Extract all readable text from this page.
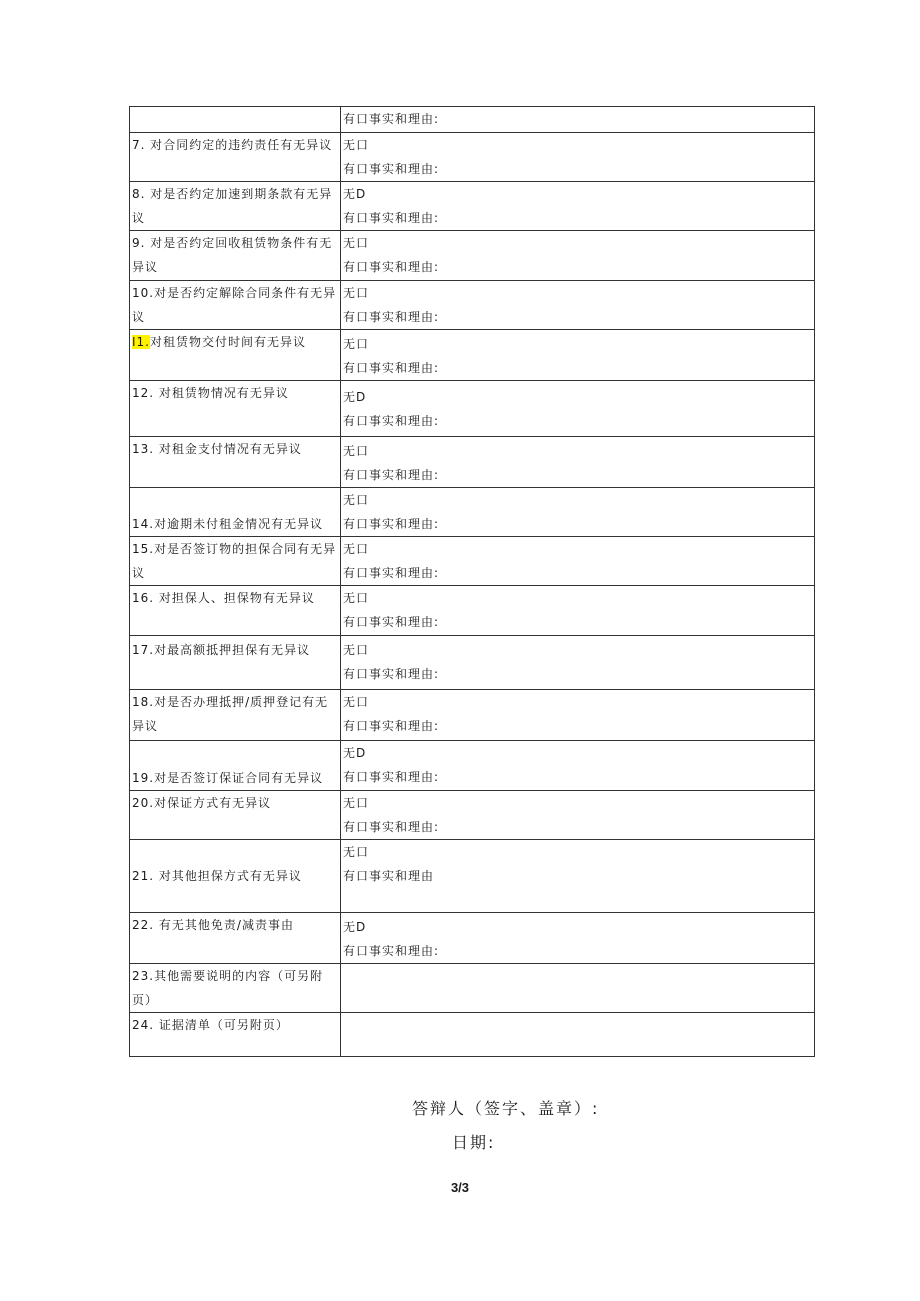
	有口事实和理由:

7. 对合同约定的违约责任有无异议	无口
有口事实和理由:

8. 对是否约定加速到期条款有无异议	无D
有口事实和理由:

9. 对是否约定回收租赁物条件有无异议	无口
有口事实和理由:

10.对是否约定解除合同条件有无异议	无口
有口事实和理由:

I1.对租赁物交付时间有无异议	无口
有口事实和理由:

12. 对租赁物情况有无异议	无D
有口事实和理由:

13. 对租金支付情况有无异议	无口
有口事实和理由:

14.对逾期未付租金情况有无异议	无口
有口事实和理由:

15.对是否签订物的担保合同有无异议	无口
有口事实和理由:

16. 对担保人、担保物有无异议	无口
有口事实和理由:

17.对最高额抵押担保有无异议	无口
有口事实和理由:

18.对是否办理抵押/质押登记有无异议	无口
有口事实和理由:

19.对是否签订保证合同有无异议	无D
有口事实和理由:

20.对保证方式有无异议	无口
有口事实和理由:

21. 对其他担保方式有无异议	无口
有口事实和理由

22. 有无其他免责/减责事由	无D
有口事实和理由:

23.其他需要说明的内容（可另附页）	

24. 证据清单（可另附页）	
答辩人（签字、盖章）:
日期:
3/3
